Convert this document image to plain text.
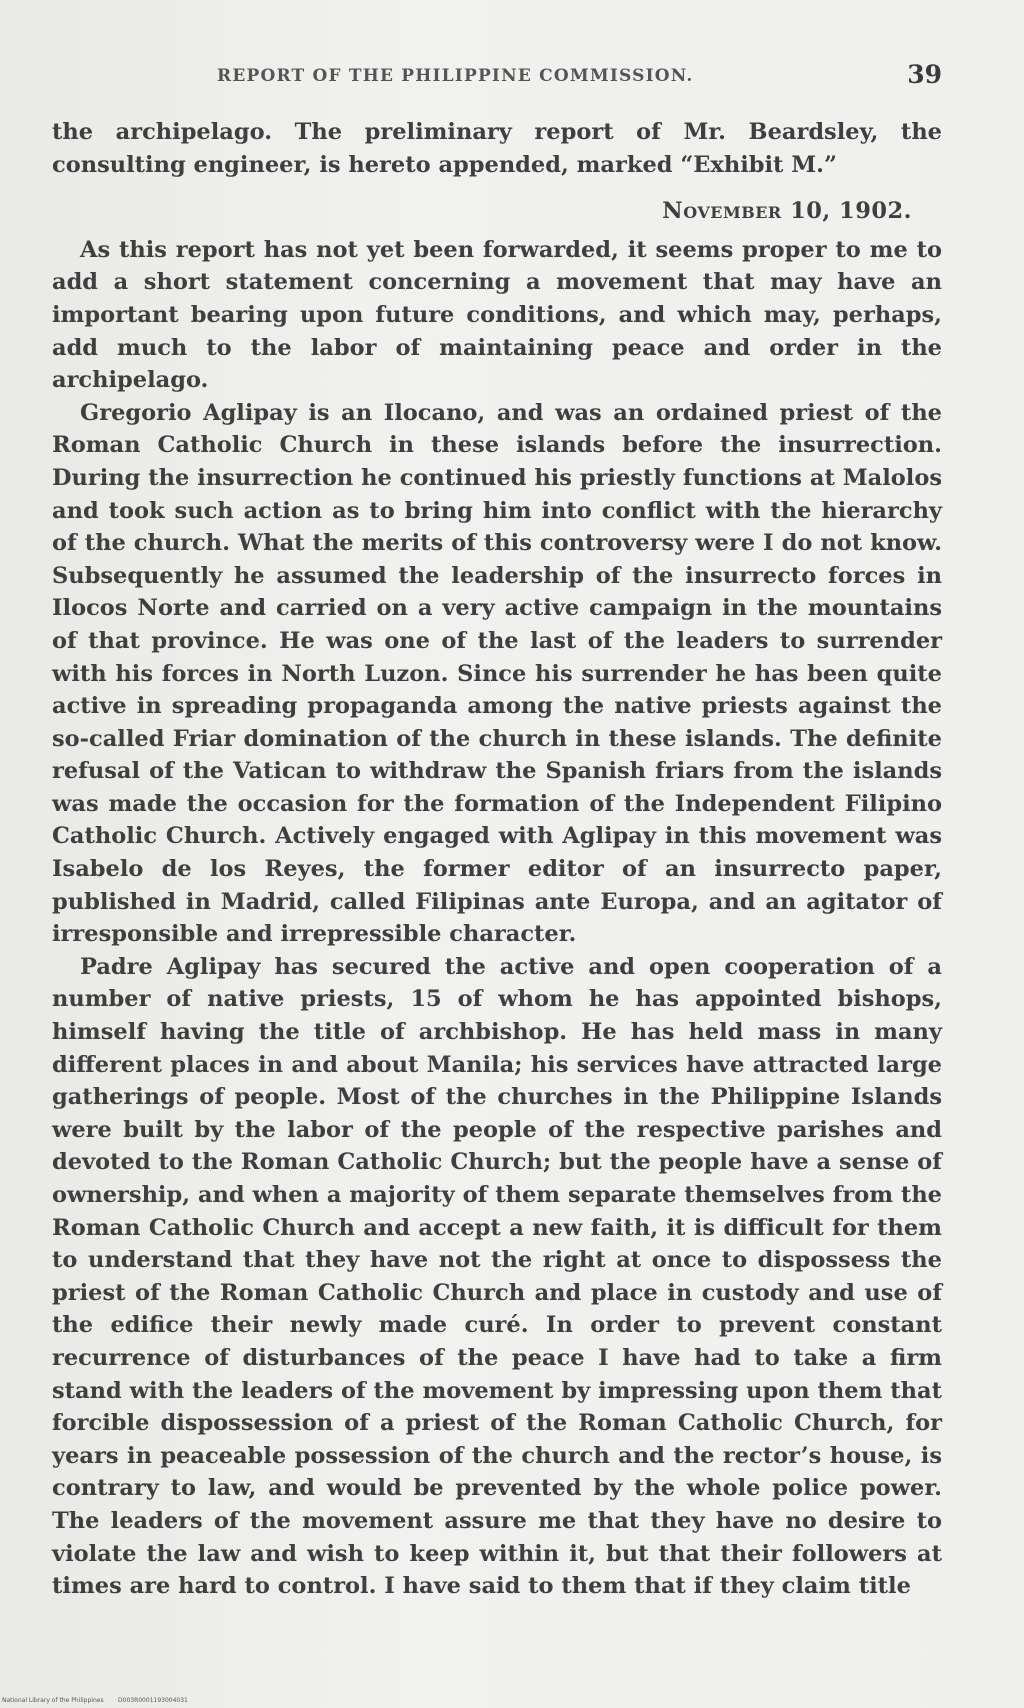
REPORT OF THE PHILIPPINE COMMISSION.	39

the archipelago. The preliminary report of Mr. Beardsley, the consulting engineer, is hereto appended, marked “Exhibit M.”

November 10, 1902.

As this report has not yet been forwarded, it seems proper to me to add a short statement concerning a movement that may have an important bearing upon future conditions, and which may, perhaps, add much to the labor of maintaining peace and order in the archipelago.

Gregorio Aglipay is an Ilocano, and was an ordained priest of the Roman Catholic Church in these islands before the insurrection. During the insurrection he continued his priestly functions at Malolos and took such action as to bring him into conflict with the hierarchy of the church. What the merits of this controversy were I do not know. Subsequently he assumed the leadership of the insurrecto forces in Ilocos Norte and carried on a very active campaign in the mountains of that province. He was one of the last of the leaders to surrender with his forces in North Luzon. Since his surrender he has been quite active in spreading propaganda among the native priests against the so-called Friar domination of the church in these islands. The definite refusal of the Vatican to withdraw the Spanish friars from the islands was made the occasion for the formation of the Independent Filipino Catholic Church. Actively engaged with Aglipay in this movement was Isabelo de los Reyes, the former editor of an insurrecto paper, published in Madrid, called Filipinas ante Europa, and an agitator of irresponsible and irrepressible character.

Padre Aglipay has secured the active and open cooperation of a number of native priests, 15 of whom he has appointed bishops, himself having the title of archbishop. He has held mass in many different places in and about Manila; his services have attracted large gatherings of people. Most of the churches in the Philippine Islands were built by the labor of the people of the respective parishes and devoted to the Roman Catholic Church; but the people have a sense of ownership, and when a majority of them separate themselves from the Roman Catholic Church and accept a new faith, it is difficult for them to understand that they have not the right at once to dispossess the priest of the Roman Catholic Church and place in custody and use of the edifice their newly made curé. In order to prevent constant recurrence of disturbances of the peace I have had to take a firm stand with the leaders of the movement by impressing upon them that forcible dispossession of a priest of the Roman Catholic Church, for years in peaceable possession of the church and the rector’s house, is contrary to law, and would be prevented by the whole police power. The leaders of the movement assure me that they have no desire to violate the law and wish to keep within it, but that their followers at times are hard to control. I have said to them that if they claim title

National Library of the Philippines D003R0001193004031
